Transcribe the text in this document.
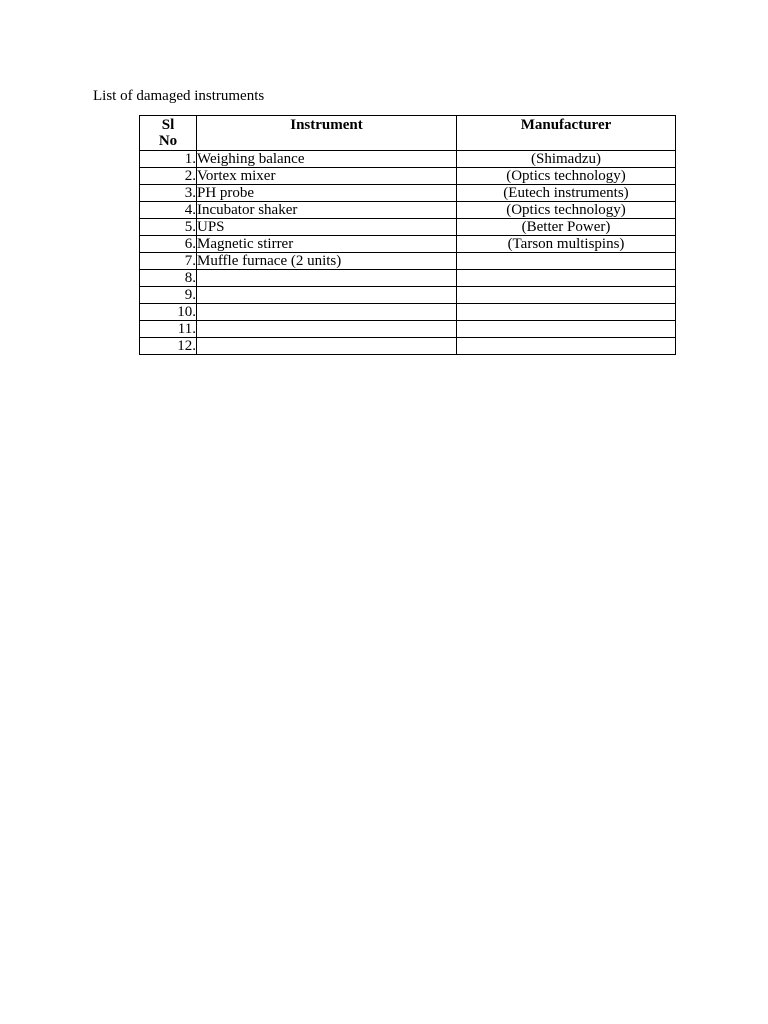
List of damaged instruments
Sl
No	Instrument	Manufacturer
1.	Weighing balance	(Shimadzu)
2.	Vortex mixer	(Optics technology)
3.	PH probe	(Eutech instruments)
4.	Incubator shaker	(Optics technology)
5.	UPS	(Better Power)
6.	Magnetic stirrer	(Tarson multispins)
7.	Muffle furnace (2 units)	
8.		
9.		
10.		
11.		
12.		
